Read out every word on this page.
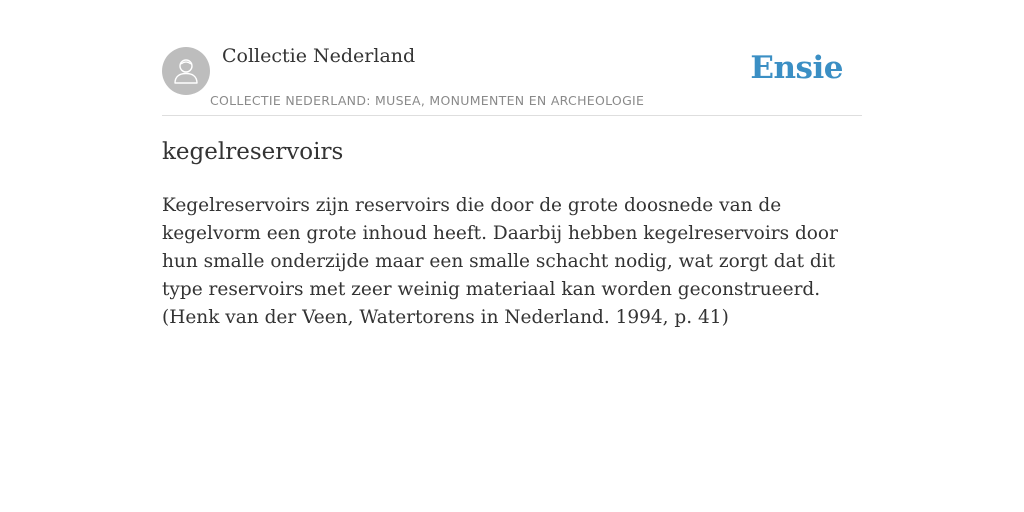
Collectie Nederland
COLLECTIE NEDERLAND: MUSEA, MONUMENTEN EN ARCHEOLOGIE
Ensie
kegelreservoirs

Kegelreservoirs zijn reservoirs die door de grote doosnede van de kegelvorm een grote inhoud heeft. Daarbij hebben kegelreservoirs door hun smalle onderzijde maar een smalle schacht nodig, wat zorgt dat dit type reservoirs met zeer weinig materiaal kan worden geconstrueerd. (Henk van der Veen, Watertorens in Nederland. 1994, p. 41)
